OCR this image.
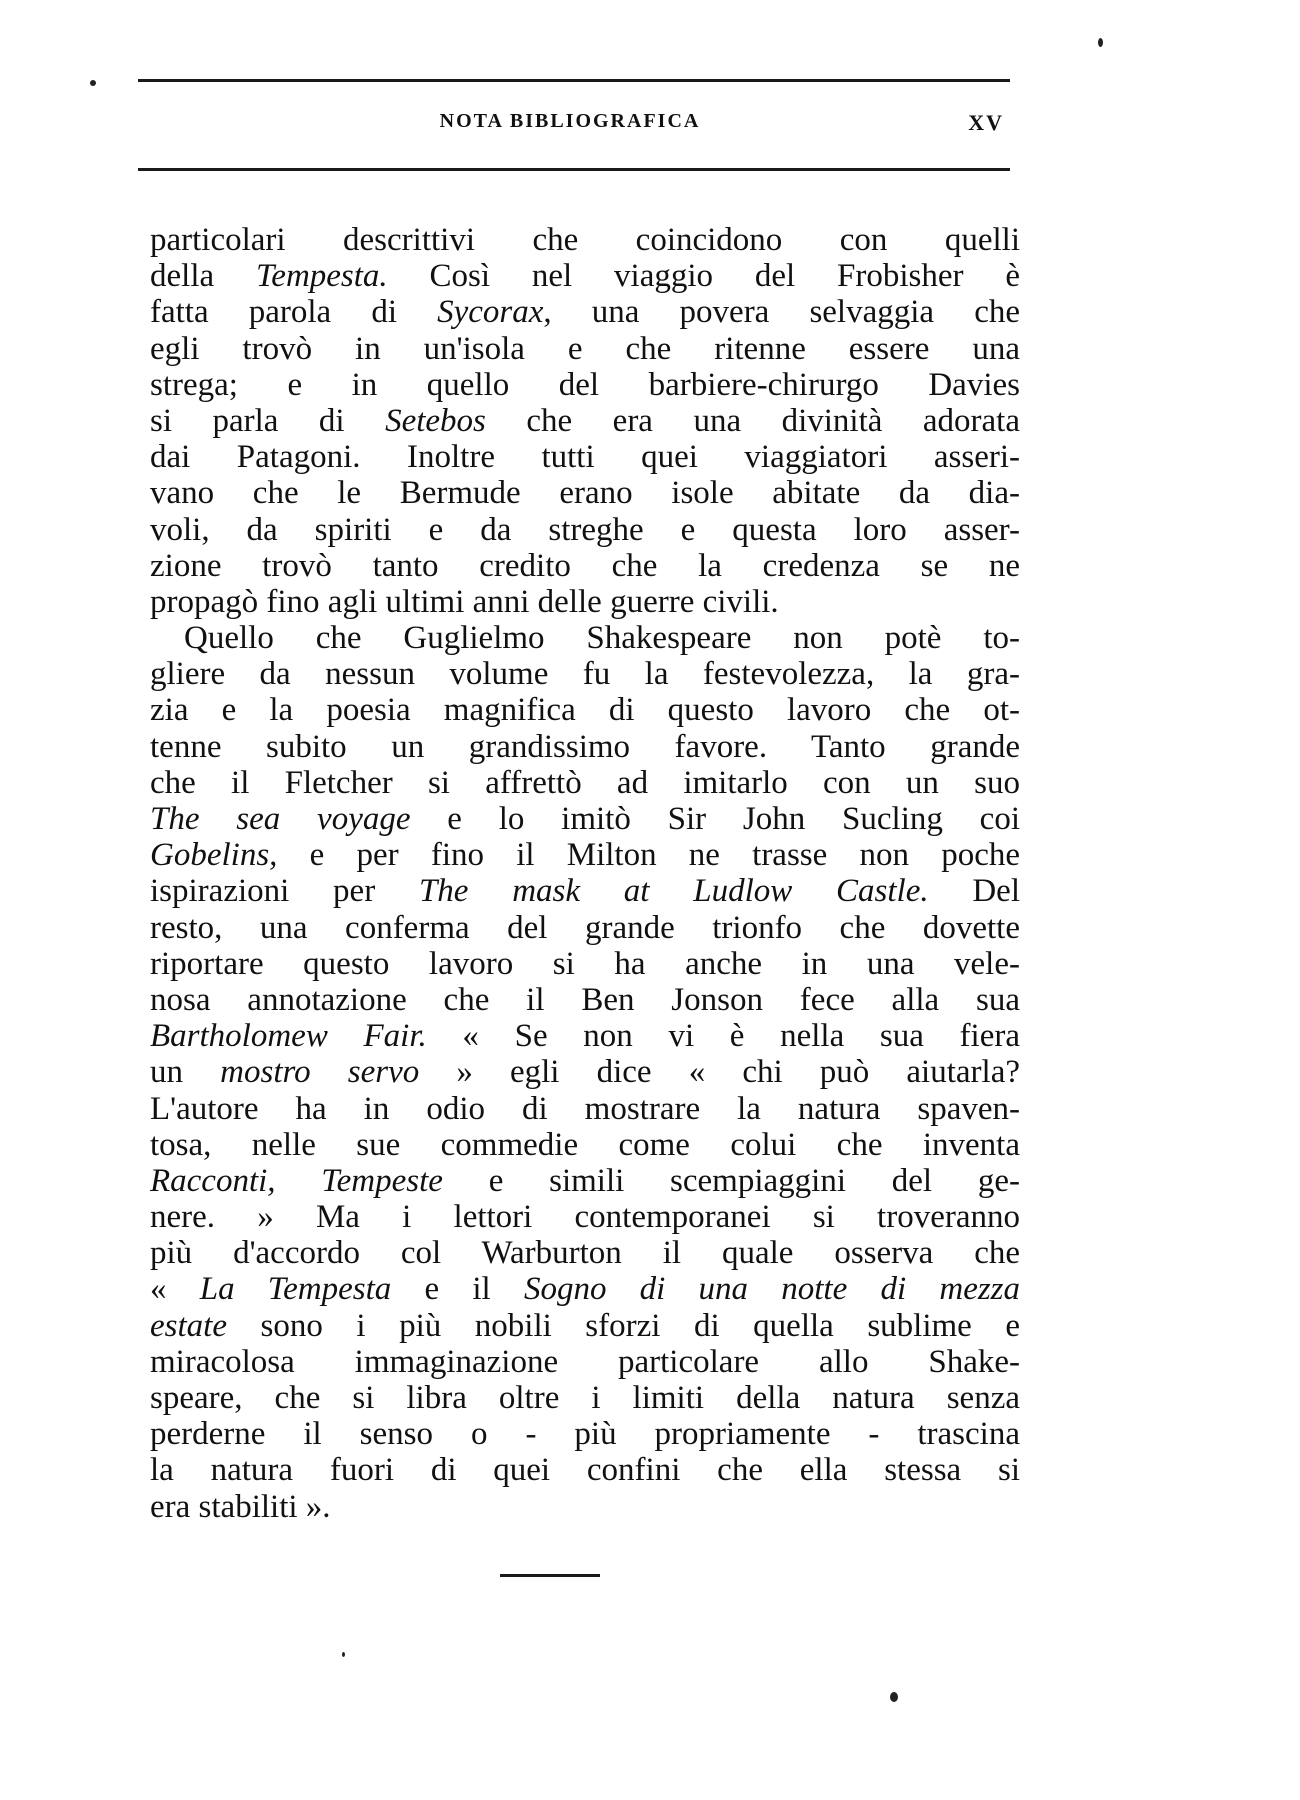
NOTA BIBLIOGRAFICA	XV
particolari descrittivi che coincidono con quelli
della Tempesta. Così nel viaggio del Frobisher è
fatta parola di Sycorax, una povera selvaggia che
egli trovò in un'isola e che ritenne essere una
strega; e in quello del barbiere-chirurgo Davies
si parla di Setebos che era una divinità adorata
dai Patagoni. Inoltre tutti quei viaggiatori asseri-
vano che le Bermude erano isole abitate da dia-
voli, da spiriti e da streghe e questa loro asser-
zione trovò tanto credito che la credenza se ne
propagò fino agli ultimi anni delle guerre civili.
Quello che Guglielmo Shakespeare non potè to-
gliere da nessun volume fu la festevolezza, la gra-
zia e la poesia magnifica di questo lavoro che ot-
tenne subito un grandissimo favore. Tanto grande
che il Fletcher si affrettò ad imitarlo con un suo
The sea voyage e lo imitò Sir John Sucling coi
Gobelins, e per fino il Milton ne trasse non poche
ispirazioni per The mask at Ludlow Castle. Del
resto, una conferma del grande trionfo che dovette
riportare questo lavoro si ha anche in una vele-
nosa annotazione che il Ben Jonson fece alla sua
Bartholomew Fair. « Se non vi è nella sua fiera
un mostro servo » egli dice « chi può aiutarla?
L'autore ha in odio di mostrare la natura spaven-
tosa, nelle sue commedie come colui che inventa
Racconti, Tempeste e simili scempiaggini del ge-
nere. » Ma i lettori contemporanei si troveranno
più d'accordo col Warburton il quale osserva che
« La Tempesta e il Sogno di una notte di mezza
estate sono i più nobili sforzi di quella sublime e
miracolosa immaginazione particolare allo Shake-
speare, che si libra oltre i limiti della natura senza
perderne il senso o - più propriamente - trascina
la natura fuori di quei confini che ella stessa si
era stabiliti ».
